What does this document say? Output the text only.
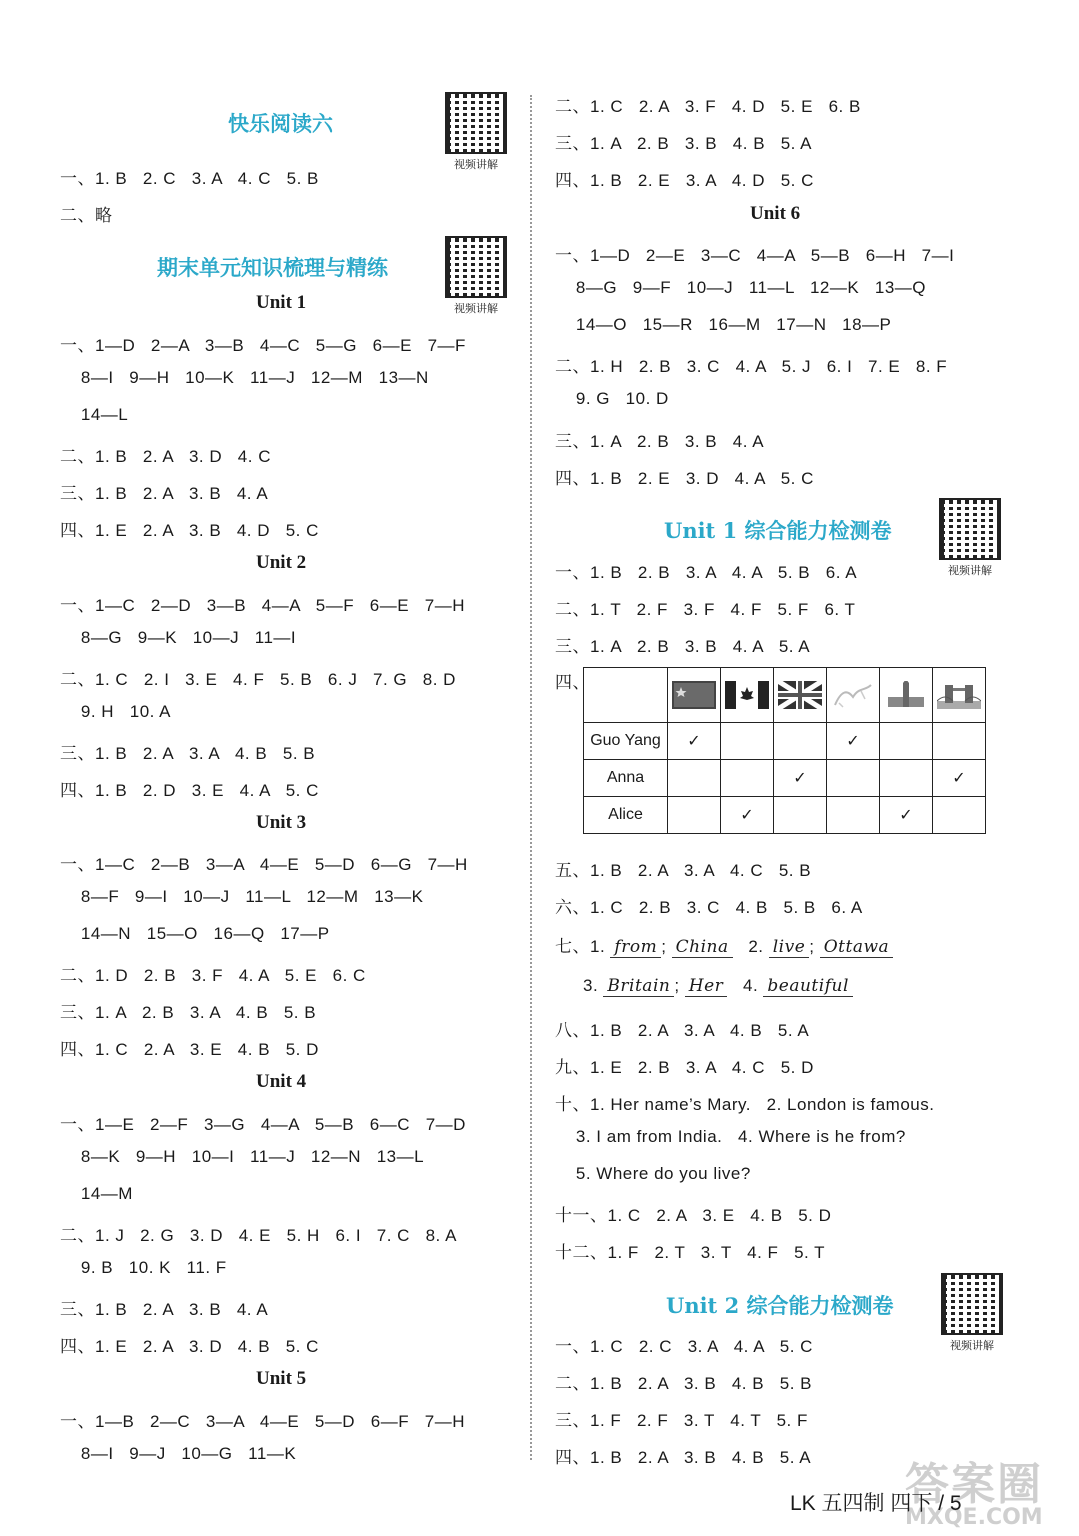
快乐阅读六
视频讲解
一、1. B   2. C   3. A   4. C   5. B
二、略
期末单元知识梳理与精练
视频讲解
Unit 1
一、1—D   2—A   3—B   4—C   5—G   6—E   7—F
8—I   9—H   10—K   11—J   12—M   13—N
14—L
二、1. B   2. A   3. D   4. C
三、1. B   2. A   3. B   4. A
四、1. E   2. A   3. B   4. D   5. C
Unit 2
一、1—C   2—D   3—B   4—A   5—F   6—E   7—H
8—G   9—K   10—J   11—I
二、1. C   2. I   3. E   4. F   5. B   6. J   7. G   8. D
9. H   10. A
三、1. B   2. A   3. A   4. B   5. B
四、1. B   2. D   3. E   4. A   5. C
Unit 3
一、1—C   2—B   3—A   4—E   5—D   6—G   7—H
8—F   9—I   10—J   11—L   12—M   13—K
14—N   15—O   16—Q   17—P
二、1. D   2. B   3. F   4. A   5. E   6. C
三、1. A   2. B   3. A   4. B   5. B
四、1. C   2. A   3. E   4. B   5. D
Unit 4
一、1—E   2—F   3—G   4—A   5—B   6—C   7—D
8—K   9—H   10—I   11—J   12—N   13—L
14—M
二、1. J   2. G   3. D   4. E   5. H   6. I   7. C   8. A
9. B   10. K   11. F
三、1. B   2. A   3. B   4. A
四、1. E   2. A   3. D   4. B   5. C
Unit 5
一、1—B   2—C   3—A   4—E   5—D   6—F   7—H
8—I   9—J   10—G   11—K
二、1. C   2. A   3. F   4. D   5. E   6. B
三、1. A   2. B   3. B   4. B   5. A
四、1. B   2. E   3. A   4. D   5. C
Unit 6
一、1—D   2—E   3—C   4—A   5—B   6—H   7—I
8—G   9—F   10—J   11—L   12—K   13—Q
14—O   15—R   16—M   17—N   18—P
二、1. H   2. B   3. C   4. A   5. J   6. I   7. E   8. F
9. G   10. D
三、1. A   2. B   3. B   4. A
四、1. B   2. E   3. D   4. A   5. C
Unit 1 综合能力检测卷
视频讲解
一、1. B   2. B   3. A   4. A   5. B   6. A
二、1. T   2. F   3. F   4. F   5. F   6. T
三、1. A   2. B   3. B   4. A   5. A
四、

Guo Yang	✓			✓		
Anna			✓			✓
Alice		✓			✓	
五、1. B   2. A   3. A   4. C   5. B
六、1. C   2. B   3. C   4. B   5. B   6. A
七、1. from ; China 2. live ; Ottawa
3. Britain ; Her 4. beautiful
八、1. B   2. A   3. A   4. B   5. A
九、1. E   2. B   3. A   4. C   5. D
十、1. Her name’s Mary.   2. London is famous.
3. I am from India.   4. Where is he from?
5. Where do you live?
十一、1. C   2. A   3. E   4. B   5. D
十二、1. F   2. T   3. T   4. F   5. T
Unit 2 综合能力检测卷
视频讲解
一、1. C   2. C   3. A   4. A   5. C
二、1. B   2. A   3. B   4. B   5. B
三、1. F   2. F   3. T   4. T   5. F
四、1. B   2. A   3. B   4. B   5. A
答案圈
MXQE.COM
LK 五四制 四下 / 5
